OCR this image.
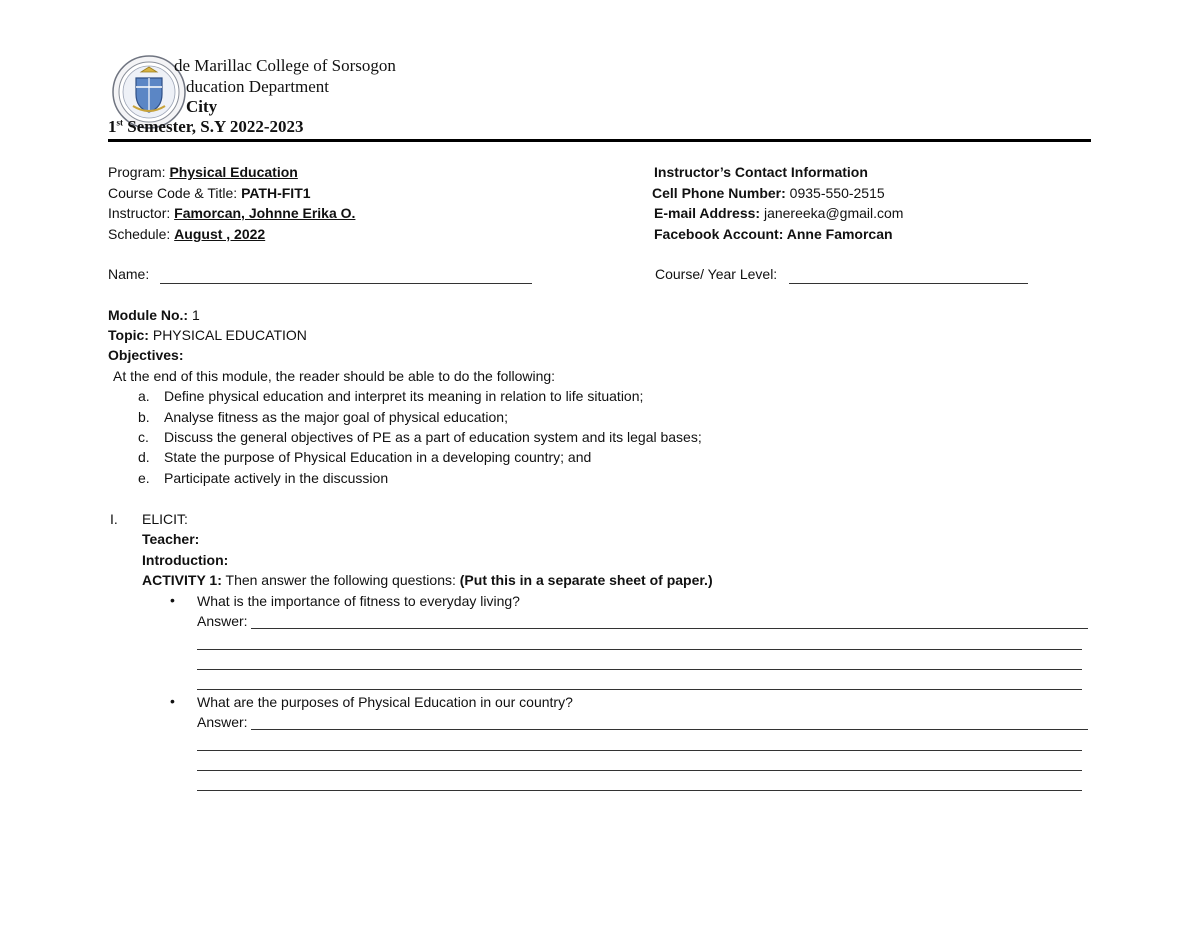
de Marillac College of Sorsogon
ducation Department
City
1st Semester, S.Y 2022-2023
Program: Physical Education
Course Code & Title: PATH-FIT1
Instructor: Famorcan, Johnne Erika O.
Schedule: August , 2022
Instructor’s Contact Information
Cell Phone Number: 0935-550-2515
E-mail Address: janereeka@gmail.com
Facebook Account: Anne Famorcan
Name:	Course/ Year Level:
Module No.: 1
Topic: PHYSICAL EDUCATION
Objectives:
At the end of this module, the reader should be able to do the following:
a. Define physical education and interpret its meaning in relation to life situation;
b. Analyse fitness as the major goal of physical education;
c. Discuss the general objectives of PE as a part of education system and its legal bases;
d. State the purpose of Physical Education in a developing country; and
e. Participate actively in the discussion
I. ELICIT:
Teacher:
Introduction:
ACTIVITY 1: Then answer the following questions: (Put this in a separate sheet of paper.)
• What is the importance of fitness to everyday living?
Answer:
• What are the purposes of Physical Education in our country?
Answer:
